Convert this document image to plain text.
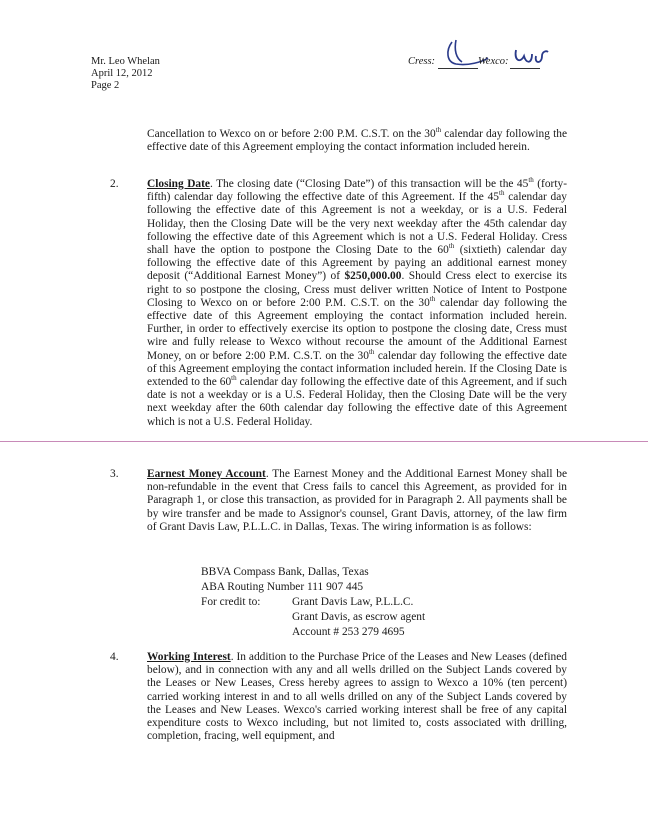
Mr. Leo Whelan
April 12, 2012
Page 2
Cress:	Wexco:

Cancellation to Wexco on or before 2:00 P.M. C.S.T. on the 30th calendar day following the effective date of this Agreement employing the contact information included herein.

2. Closing Date. The closing date (“Closing Date”) of this transaction will be the 45th (forty-fifth) calendar day following the effective date of this Agreement. If the 45th calendar day following the effective date of this Agreement is not a weekday, or is a U.S. Federal Holiday, then the Closing Date will be the very next weekday after the 45th calendar day following the effective date of this Agreement which is not a U.S. Federal Holiday. Cress shall have the option to postpone the Closing Date to the 60th (sixtieth) calendar day following the effective date of this Agreement by paying an additional earnest money deposit (“Additional Earnest Money”) of $250,000.00. Should Cress elect to exercise its right to so postpone the closing, Cress must deliver written Notice of Intent to Postpone Closing to Wexco on or before 2:00 P.M. C.S.T. on the 30th calendar day following the effective date of this Agreement employing the contact information included herein. Further, in order to effectively exercise its option to postpone the closing date, Cress must wire and fully release to Wexco without recourse the amount of the Additional Earnest Money, on or before 2:00 P.M. C.S.T. on the 30th calendar day following the effective date of this Agreement employing the contact information included herein. If the Closing Date is extended to the 60th calendar day following the effective date of this Agreement, and if such date is not a weekday or is a U.S. Federal Holiday, then the Closing Date will be the very next weekday after the 60th calendar day following the effective date of this Agreement which is not a U.S. Federal Holiday.

3. Earnest Money Account. The Earnest Money and the Additional Earnest Money shall be non-refundable in the event that Cress fails to cancel this Agreement, as provided for in Paragraph 1, or close this transaction, as provided for in Paragraph 2. All payments shall be by wire transfer and be made to Assignor's counsel, Grant Davis, attorney, of the law firm of Grant Davis Law, P.L.L.C. in Dallas, Texas. The wiring information is as follows:

BBVA Compass Bank, Dallas, Texas
ABA Routing Number 111 907 445
For credit to:	Grant Davis Law, P.L.L.C.
Grant Davis, as escrow agent
Account # 253 279 4695
4. Working Interest. In addition to the Purchase Price of the Leases and New Leases (defined below), and in connection with any and all wells drilled on the Subject Lands covered by the Leases or New Leases, Cress hereby agrees to assign to Wexco a 10% (ten percent) carried working interest in and to all wells drilled on any of the Subject Lands covered by the Leases and New Leases. Wexco's carried working interest shall be free of any capital expenditure costs to Wexco including, but not limited to, costs associated with drilling, completion, fracing, well equipment, and
